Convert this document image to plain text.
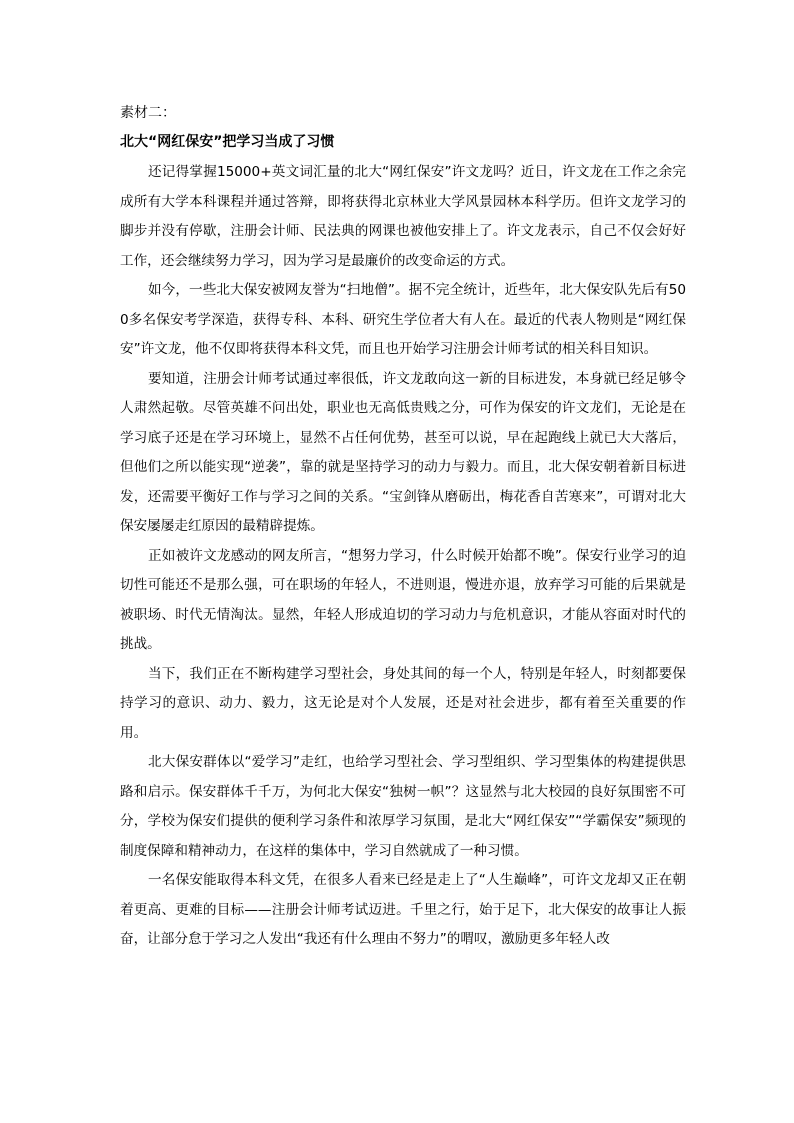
素材二：

北大“网红保安”把学习当成了习惯

还记得掌握15000+英文词汇量的北大“网红保安”许文龙吗？近日，许文龙在工作之余完成所有大学本科课程并通过答辩，即将获得北京林业大学风景园林本科学历。但许文龙学习的脚步并没有停歇，注册会计师、民法典的网课也被他安排上了。许文龙表示，自己不仅会好好工作，还会继续努力学习，因为学习是最廉价的改变命运的方式。

如今，一些北大保安被网友誉为“扫地僧”。据不完全统计，近些年，北大保安队先后有500多名保安考学深造，获得专科、本科、研究生学位者大有人在。最近的代表人物则是“网红保安”许文龙，他不仅即将获得本科文凭，而且也开始学习注册会计师考试的相关科目知识。

要知道，注册会计师考试通过率很低，许文龙敢向这一新的目标进发，本身就已经足够令人肃然起敬。尽管英雄不问出处，职业也无高低贵贱之分，可作为保安的许文龙们，无论是在学习底子还是在学习环境上，显然不占任何优势，甚至可以说，早在起跑线上就已大大落后，但他们之所以能实现“逆袭”，靠的就是坚持学习的动力与毅力。而且，北大保安朝着新目标进发，还需要平衡好工作与学习之间的关系。“宝剑锋从磨砺出，梅花香自苦寒来”，可谓对北大保安屡屡走红原因的最精辟提炼。

正如被许文龙感动的网友所言，“想努力学习，什么时候开始都不晚”。保安行业学习的迫切性可能还不是那么强，可在职场的年轻人，不进则退，慢进亦退，放弃学习可能的后果就是被职场、时代无情淘汰。显然，年轻人形成迫切的学习动力与危机意识，才能从容面对时代的挑战。

当下，我们正在不断构建学习型社会，身处其间的每一个人，特别是年轻人，时刻都要保持学习的意识、动力、毅力，这无论是对个人发展，还是对社会进步，都有着至关重要的作用。

北大保安群体以“爱学习”走红，也给学习型社会、学习型组织、学习型集体的构建提供思路和启示。保安群体千千万，为何北大保安“独树一帜”？这显然与北大校园的良好氛围密不可分，学校为保安们提供的便利学习条件和浓厚学习氛围，是北大“网红保安”“学霸保安”频现的制度保障和精神动力，在这样的集体中，学习自然就成了一种习惯。

一名保安能取得本科文凭，在很多人看来已经是走上了“人生巅峰”，可许文龙却又正在朝着更高、更难的目标——注册会计师考试迈进。千里之行，始于足下，北大保安的故事让人振奋，让部分怠于学习之人发出“我还有什么理由不努力”的喟叹，激励更多年轻人改
